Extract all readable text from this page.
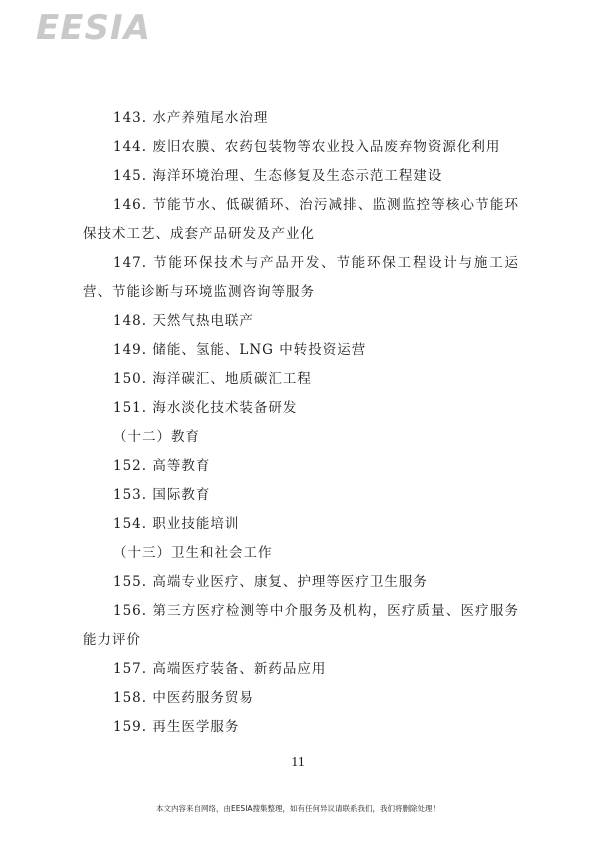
EESIA

143. 水产养殖尾水治理

144. 废旧农膜、农药包装物等农业投入品废弃物资源化利用

145. 海洋环境治理、生态修复及生态示范工程建设

146. 节能节水、低碳循环、治污减排、监测监控等核心节能环保技术工艺、成套产品研发及产业化

147. 节能环保技术与产品开发、节能环保工程设计与施工运营、节能诊断与环境监测咨询等服务

148. 天然气热电联产

149. 储能、氢能、LNG 中转投资运营

150. 海洋碳汇、地质碳汇工程

151. 海水淡化技术装备研发

（十二）教育

152. 高等教育

153. 国际教育

154. 职业技能培训

（十三）卫生和社会工作

155. 高端专业医疗、康复、护理等医疗卫生服务

156. 第三方医疗检测等中介服务及机构，医疗质量、医疗服务能力评价

157. 高端医疗装备、新药品应用

158. 中医药服务贸易

159. 再生医学服务

11
本文内容来自网络，由EESIA搜集整理，如有任何异议请联系我们，我们将删除处理！
